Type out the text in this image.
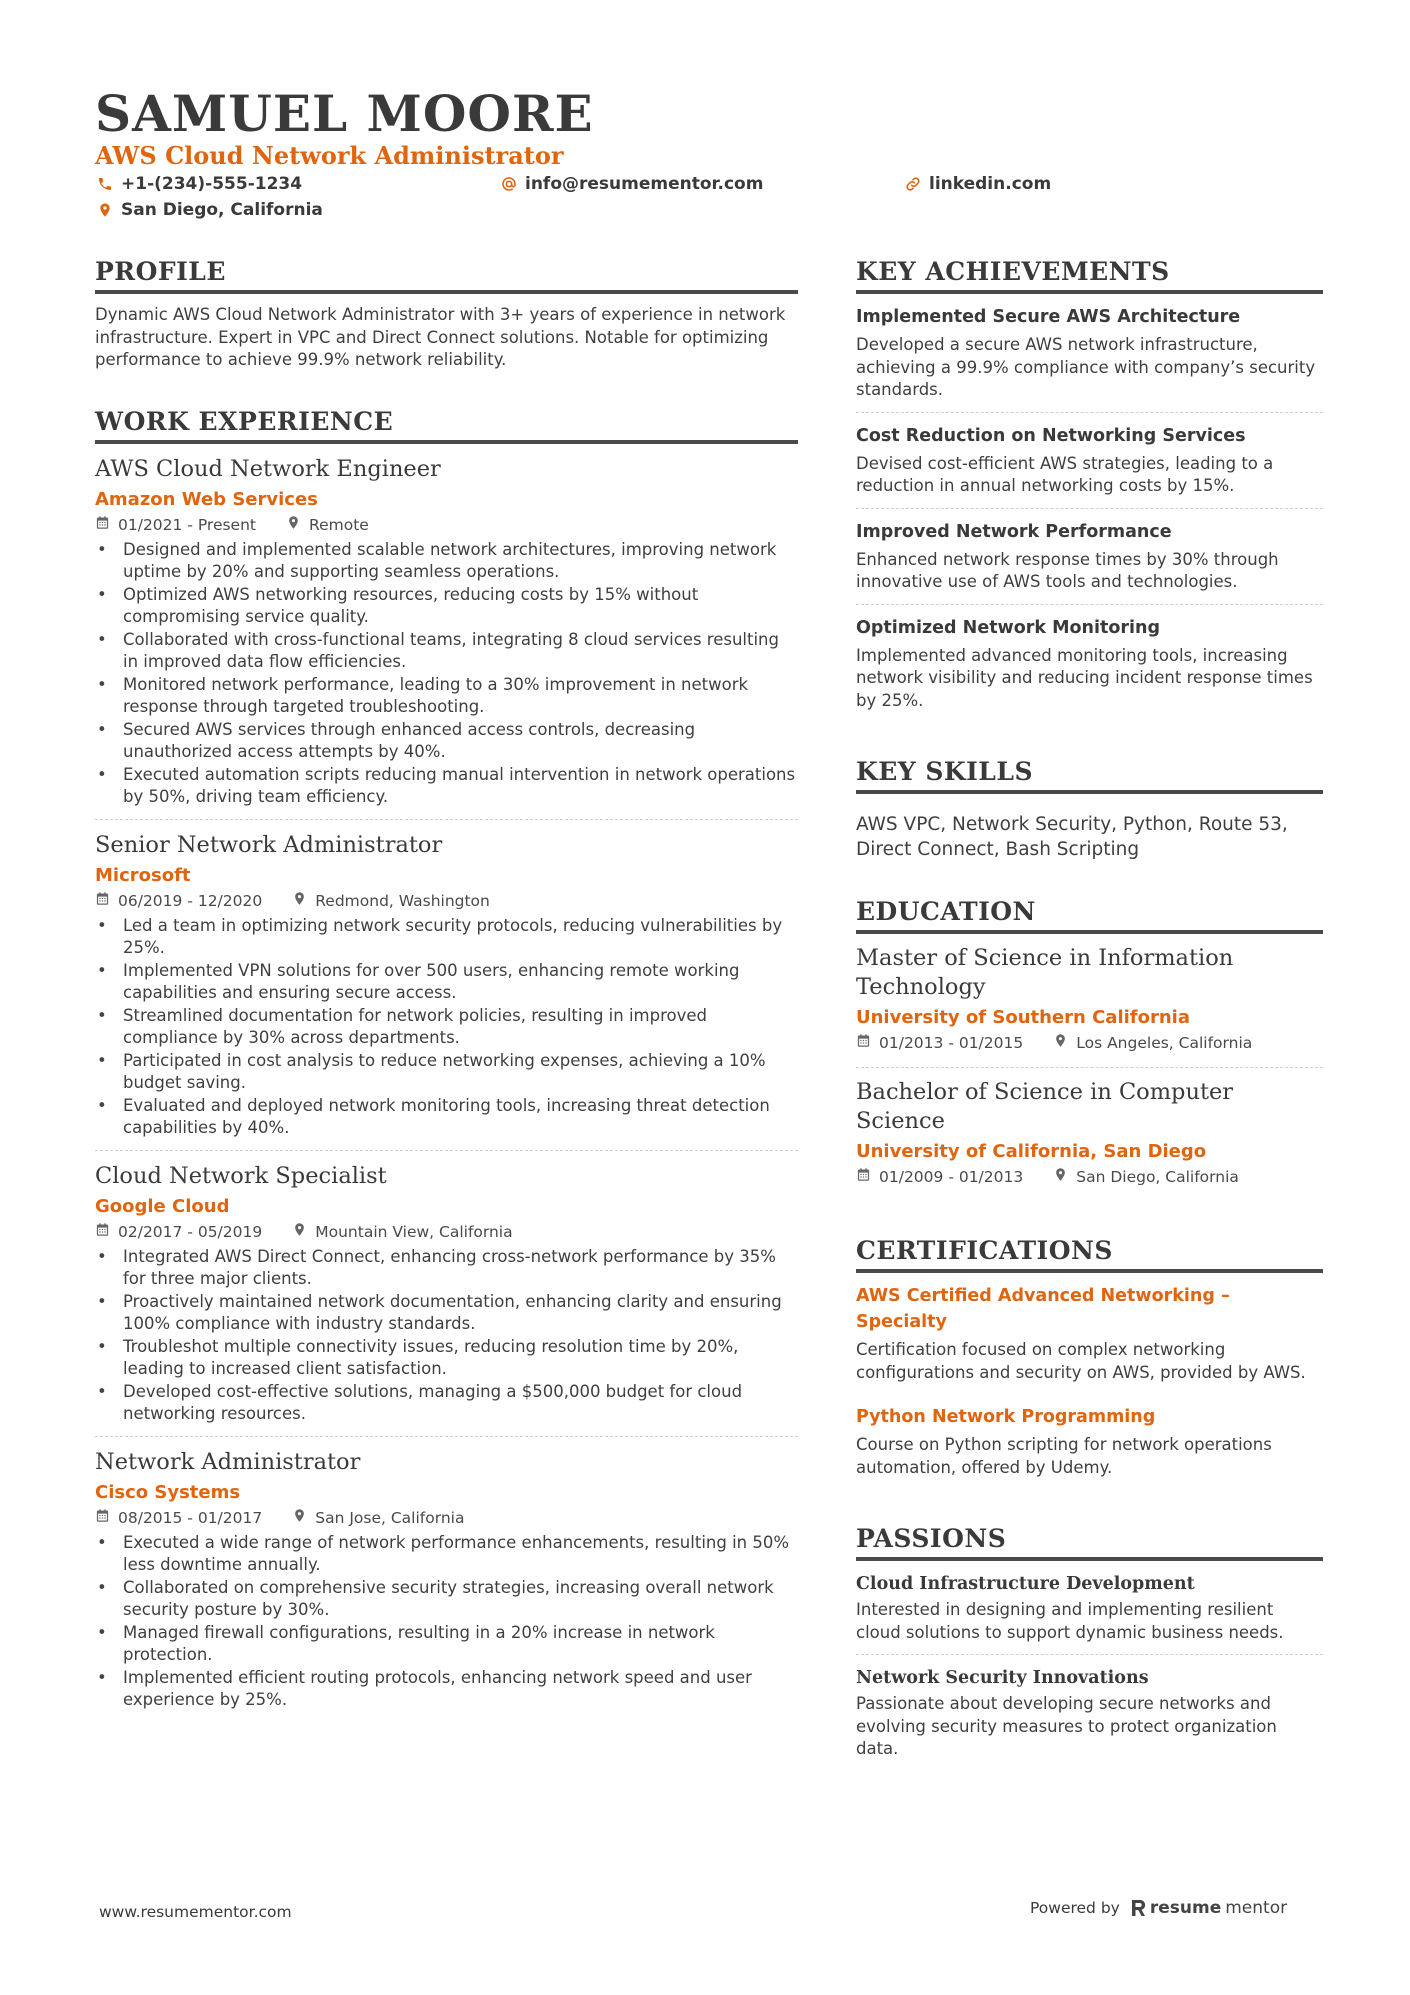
SAMUEL MOORE
AWS Cloud Network Administrator
+1-(234)-555-1234	info@resumementor.com	linkedin.com
San Diego, California
PROFILE
Dynamic AWS Cloud Network Administrator with 3+ years of experience in network infrastructure. Expert in VPC and Direct Connect solutions. Notable for optimizing performance to achieve 99.9% network reliability.
WORK EXPERIENCE
AWS Cloud Network Engineer
Amazon Web Services
01/2021 - Present	Remote
• Designed and implemented scalable network architectures, improving network uptime by 20% and supporting seamless operations.
• Optimized AWS networking resources, reducing costs by 15% without compromising service quality.
• Collaborated with cross-functional teams, integrating 8 cloud services resulting in improved data flow efficiencies.
• Monitored network performance, leading to a 30% improvement in network response through targeted troubleshooting.
• Secured AWS services through enhanced access controls, decreasing unauthorized access attempts by 40%.
• Executed automation scripts reducing manual intervention in network operations by 50%, driving team efficiency.
Senior Network Administrator
Microsoft
06/2019 - 12/2020	Redmond, Washington
• Led a team in optimizing network security protocols, reducing vulnerabilities by 25%.
• Implemented VPN solutions for over 500 users, enhancing remote working capabilities and ensuring secure access.
• Streamlined documentation for network policies, resulting in improved compliance by 30% across departments.
• Participated in cost analysis to reduce networking expenses, achieving a 10% budget saving.
• Evaluated and deployed network monitoring tools, increasing threat detection capabilities by 40%.
Cloud Network Specialist
Google Cloud
02/2017 - 05/2019	Mountain View, California
• Integrated AWS Direct Connect, enhancing cross-network performance by 35% for three major clients.
• Proactively maintained network documentation, enhancing clarity and ensuring 100% compliance with industry standards.
• Troubleshot multiple connectivity issues, reducing resolution time by 20%, leading to increased client satisfaction.
• Developed cost-effective solutions, managing a $500,000 budget for cloud networking resources.
Network Administrator
Cisco Systems
08/2015 - 01/2017	San Jose, California
• Executed a wide range of network performance enhancements, resulting in 50% less downtime annually.
• Collaborated on comprehensive security strategies, increasing overall network security posture by 30%.
• Managed firewall configurations, resulting in a 20% increase in network protection.
• Implemented efficient routing protocols, enhancing network speed and user experience by 25%.
KEY ACHIEVEMENTS
Implemented Secure AWS Architecture
Developed a secure AWS network infrastructure, achieving a 99.9% compliance with company’s security standards.
Cost Reduction on Networking Services
Devised cost-efficient AWS strategies, leading to a reduction in annual networking costs by 15%.
Improved Network Performance
Enhanced network response times by 30% through innovative use of AWS tools and technologies.
Optimized Network Monitoring
Implemented advanced monitoring tools, increasing network visibility and reducing incident response times by 25%.
KEY SKILLS
AWS VPC, Network Security, Python, Route 53, Direct Connect, Bash Scripting
EDUCATION
Master of Science in Information Technology
University of Southern California
01/2013 - 01/2015	Los Angeles, California
Bachelor of Science in Computer Science
University of California, San Diego
01/2009 - 01/2013	San Diego, California
CERTIFICATIONS
AWS Certified Advanced Networking – Specialty
Certification focused on complex networking configurations and security on AWS, provided by AWS.
Python Network Programming
Course on Python scripting for network operations automation, offered by Udemy.
PASSIONS
Cloud Infrastructure Development
Interested in designing and implementing resilient cloud solutions to support dynamic business needs.
Network Security Innovations
Passionate about developing secure networks and evolving security measures to protect organization data.
www.resumementor.com	Powered by resume mentor
